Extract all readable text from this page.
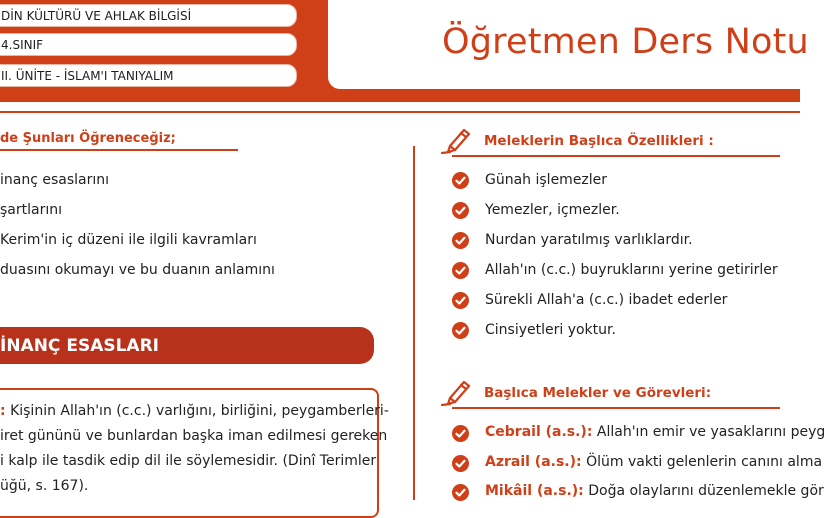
DİN KÜLTÜRÜ VE AHLAK BİLGİSİ
4.SINIF
II. ÜNİTE - İSLAM'I TANIYALIM
Öğretmen Ders Notu
de Şunları Öğreneceğiz;
inanç esaslarını
şartlarını
Kerim'in iç düzeni ile ilgili kavramları
duasını okumayı ve bu duanın anlamını
İNANÇ ESASLARI
: Kişinin Allah'ın (c.c.) varlığını, birliğini, peygamberleri-
iret gününü ve bunlardan başka iman edilmesi gereken
i kalp ile tasdik edip dil ile söylemesidir. (Dinî Terimler
üğü, s. 167).
Meleklerin Başlıca Özellikleri :
Günah işlemezler
Yemezler, içmezler.
Nurdan yaratılmış varlıklardır.
Allah'ın (c.c.) buyruklarını yerine getirirler
Sürekli Allah'a (c.c.) ibadet ederler
Cinsiyetleri yoktur.
Başlıca Melekler ve Görevleri:
Cebrail (a.s.): Allah'ın emir ve yasaklarını peyg
Azrail (a.s.): Ölüm vakti gelenlerin canını alma
Mikâil (a.s.): Doğa olaylarını düzenlemekle gör
